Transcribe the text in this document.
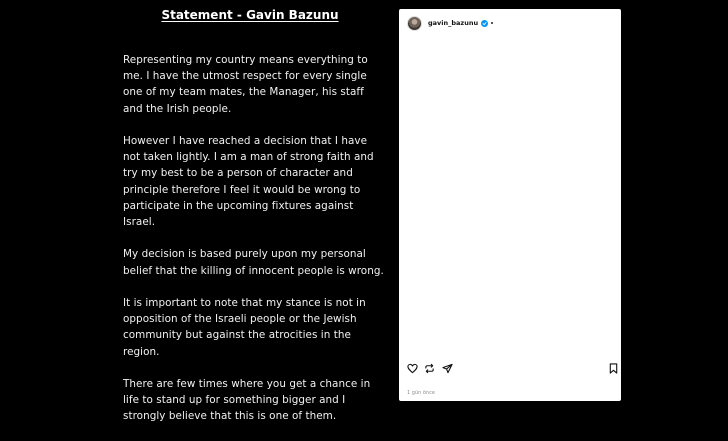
Statement - Gavin Bazunu

Representing my country means everything to me. I have the utmost respect for every single one of my team mates, the Manager, his staff and the Irish people.

However I have reached a decision that I have not taken lightly. I am a man of strong faith and try my best to be a person of character and principle therefore I feel it would be wrong to participate in the upcoming fixtures against Israel.

My decision is based purely upon my personal belief that the killing of innocent people is wrong.

It is important to note that my stance is not in opposition of the Israeli people or the Jewish community but against the atrocities in the region.

There are few times where you get a chance in life to stand up for something bigger and I strongly believe that this is one of them.

gavin_bazunu
1 gün önce
